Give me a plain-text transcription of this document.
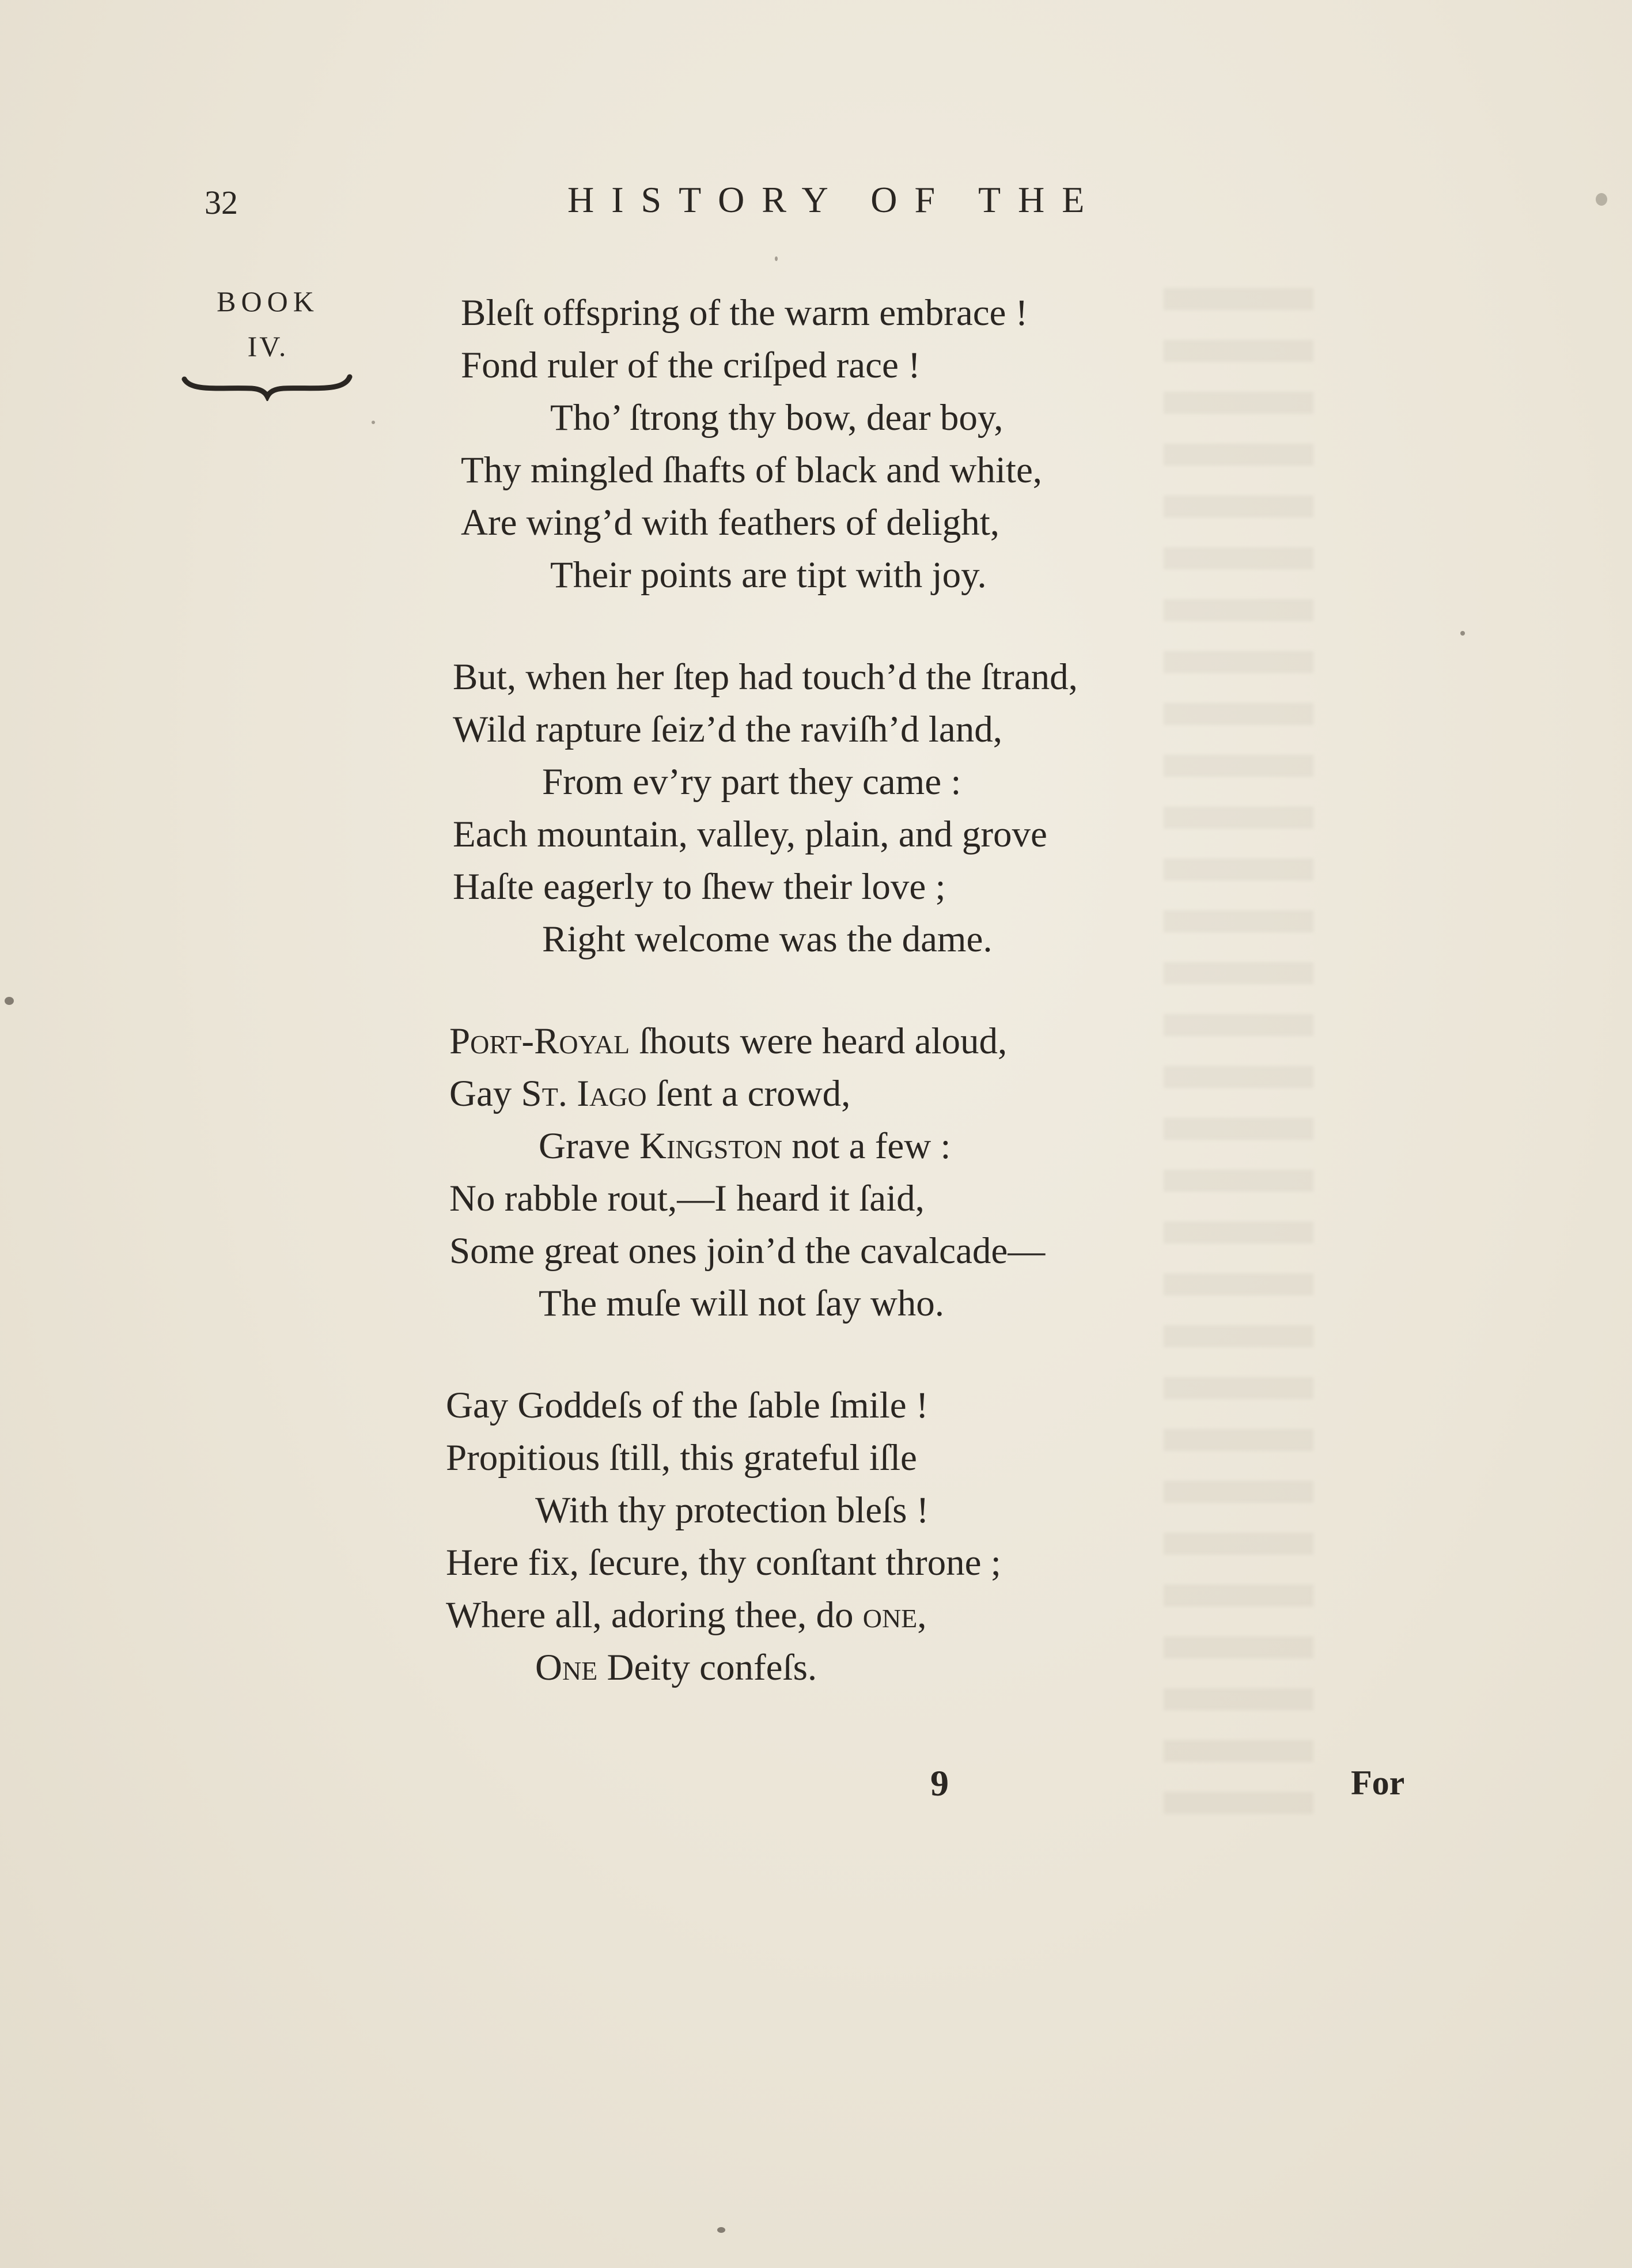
32	HISTORY OF THE
BOOK
IV.
Bleſt offspring of the warm embrace !
Fond ruler of the criſped race !
Tho’ ſtrong thy bow, dear boy,
Thy mingled ſhafts of black and white,
Are wing’d with feathers of delight,
Their points are tipt with joy.
But, when her ſtep had touch’d the ſtrand,
Wild rapture ſeiz’d the raviſh’d land,
From ev’ry part they came :
Each mountain, valley, plain, and grove
Haſte eagerly to ſhew their love ;
Right welcome was the dame.
Port-Royal ſhouts were heard aloud,
Gay St. Iago ſent a crowd,
Grave Kingston not a few :
No rabble rout,—I heard it ſaid,
Some great ones join’d the cavalcade—
The muſe will not ſay who.
Gay Goddeſs of the ſable ſmile !
Propitious ſtill, this grateful iſle
With thy protection bleſs !
Here fix, ſecure, thy conſtant throne ;
Where all, adoring thee, do one,
One Deity confeſs.
9	For
